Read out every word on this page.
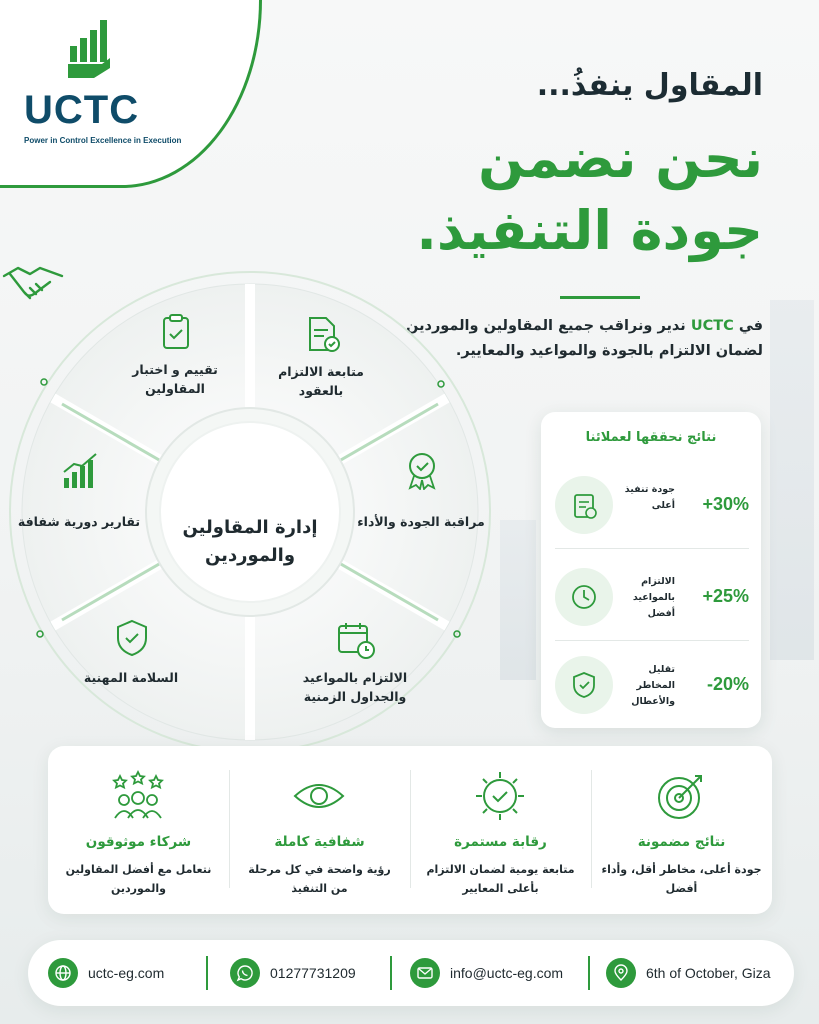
UCTC
Power in Control Excellence in Execution
المقاول ينفذُ...
نحن نضمن
جودة التنفيذ.
في UCTC ندير ونراقب جميع المقاولين والموردين لضمان الالتزام بالجودة والمواعيد والمعايير.
إدارة المقاولين والموردين
تقييم و اختبار المقاولين
متابعة الالتزام بالعقود
مراقبة الجودة والأداء
الالتزام بالمواعيد والجداول الزمنية
السلامة المهنية
تقارير دورية شفافة
نتائج نحققها لعملائنا
جودة تنفيذ أعلى +30%
الالتزام بالمواعيد أفضل
+25%
تقليل المخاطر والأعطال
-20%
شركاء موثوقون
نتعامل مع أفضل المقاولين والموردين
شفافية كاملة
رؤية واضحة في كل مرحلة من التنفيذ
رقابة مستمرة
متابعة يومية لضمان الالتزام بأعلى المعايير
نتائج مضمونة
جودة أعلى، مخاطر أقل، وأداء أفضل
uctc-eg.com	01277731209	info@uctc-eg.com	6th of October, Giza
